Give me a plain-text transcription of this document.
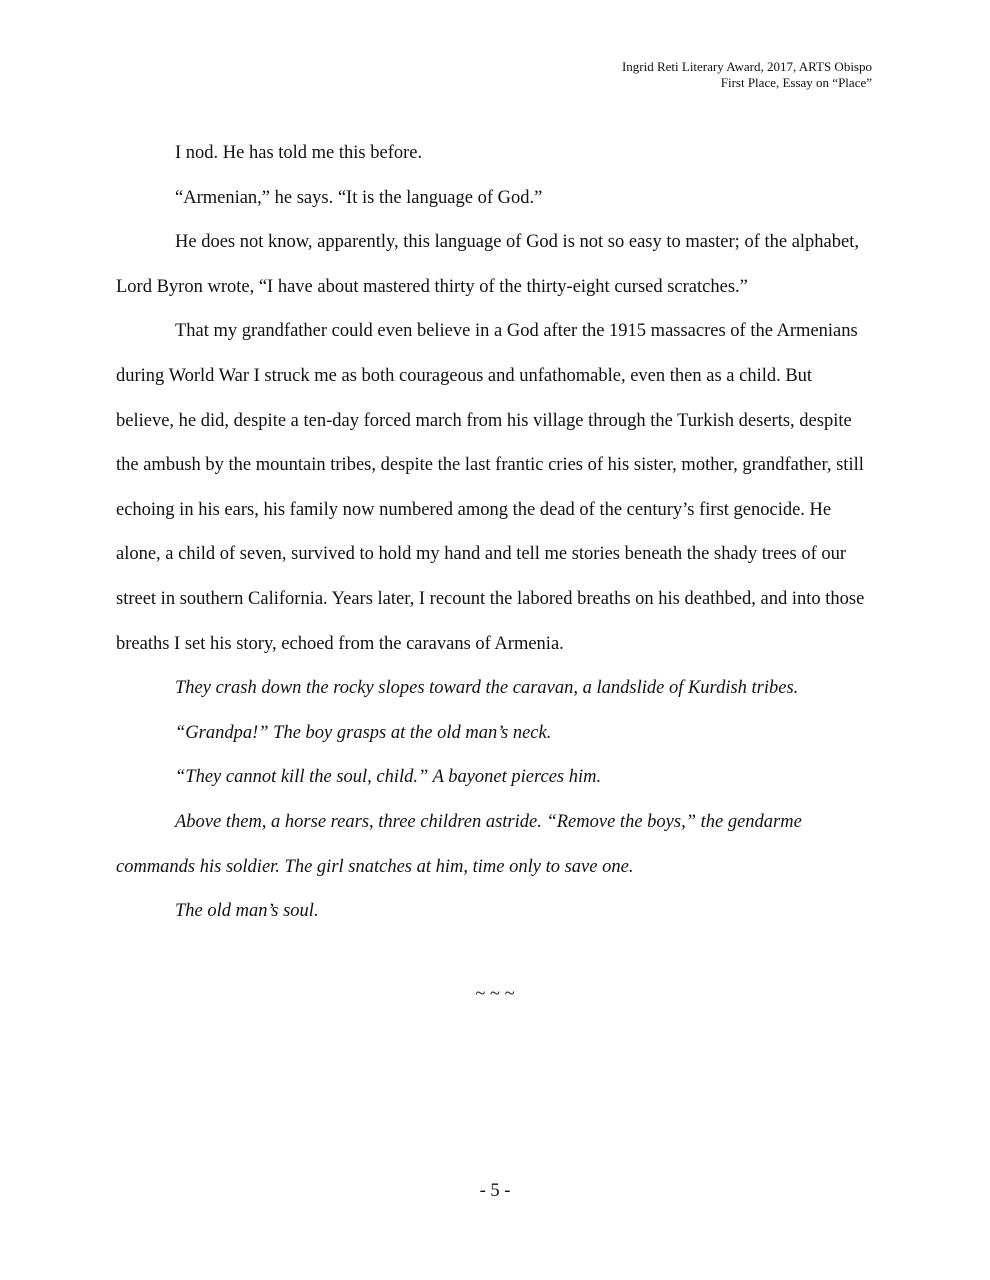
Ingrid Reti Literary Award, 2017, ARTS Obispo
First Place, Essay on “Place”

I nod. He has told me this before.

“Armenian,” he says. “It is the language of God.”

He does not know, apparently, this language of God is not so easy to master; of the alphabet, Lord Byron wrote, “I have about mastered thirty of the thirty-eight cursed scratches.”

That my grandfather could even believe in a God after the 1915 massacres of the Armenians during World War I struck me as both courageous and unfathomable, even then as a child. But believe, he did, despite a ten-day forced march from his village through the Turkish deserts, despite the ambush by the mountain tribes, despite the last frantic cries of his sister, mother, grandfather, still echoing in his ears, his family now numbered among the dead of the century’s first genocide. He alone, a child of seven, survived to hold my hand and tell me stories beneath the shady trees of our street in southern California. Years later, I recount the labored breaths on his deathbed, and into those breaths I set his story, echoed from the caravans of Armenia.

They crash down the rocky slopes toward the caravan, a landslide of Kurdish tribes.

“Grandpa!” The boy grasps at the old man’s neck.

“They cannot kill the soul, child.” A bayonet pierces him.

Above them, a horse rears, three children astride. “Remove the boys,” the gendarme commands his soldier. The girl snatches at him, time only to save one.

The old man’s soul.

~ ~ ~
- 5 -
